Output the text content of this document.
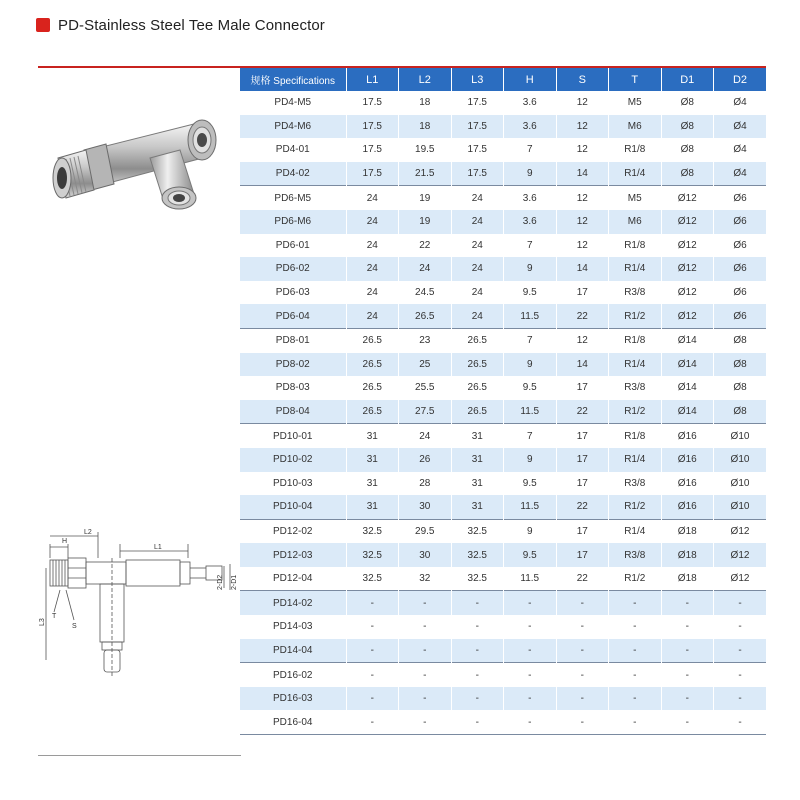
PD-Stainless Steel Tee Male Connector
H
L2
L1
L3
T
S
2-D2 2-D1
规格 Specifications	L1	L2	L3	H	S	T	D1	D2
PD4-M5	17.5	18	17.5	3.6	12	M5	Ø8	Ø4
PD4-M6	17.5	18	17.5	3.6	12	M6	Ø8	Ø4
PD4-01	17.5	19.5	17.5	7	12	R1/8	Ø8	Ø4
PD4-02	17.5	21.5	17.5	9	14	R1/4	Ø8	Ø4
PD6-M5	24	19	24	3.6	12	M5	Ø12	Ø6
PD6-M6	24	19	24	3.6	12	M6	Ø12	Ø6
PD6-01	24	22	24	7	12	R1/8	Ø12	Ø6
PD6-02	24	24	24	9	14	R1/4	Ø12	Ø6
PD6-03	24	24.5	24	9.5	17	R3/8	Ø12	Ø6
PD6-04	24	26.5	24	11.5	22	R1/2	Ø12	Ø6
PD8-01	26.5	23	26.5	7	12	R1/8	Ø14	Ø8
PD8-02	26.5	25	26.5	9	14	R1/4	Ø14	Ø8
PD8-03	26.5	25.5	26.5	9.5	17	R3/8	Ø14	Ø8
PD8-04	26.5	27.5	26.5	11.5	22	R1/2	Ø14	Ø8
PD10-01	31	24	31	7	17	R1/8	Ø16	Ø10
PD10-02	31	26	31	9	17	R1/4	Ø16	Ø10
PD10-03	31	28	31	9.5	17	R3/8	Ø16	Ø10
PD10-04	31	30	31	11.5	22	R1/2	Ø16	Ø10
PD12-02	32.5	29.5	32.5	9	17	R1/4	Ø18	Ø12
PD12-03	32.5	30	32.5	9.5	17	R3/8	Ø18	Ø12
PD12-04	32.5	32	32.5	11.5	22	R1/2	Ø18	Ø12
PD14-02	-	-	-	-	-	-	-	-
PD14-03	-	-	-	-	-	-	-	-
PD14-04	-	-	-	-	-	-	-	-
PD16-02	-	-	-	-	-	-	-	-
PD16-03	-	-	-	-	-	-	-	-
PD16-04	-	-	-	-	-	-	-	-
